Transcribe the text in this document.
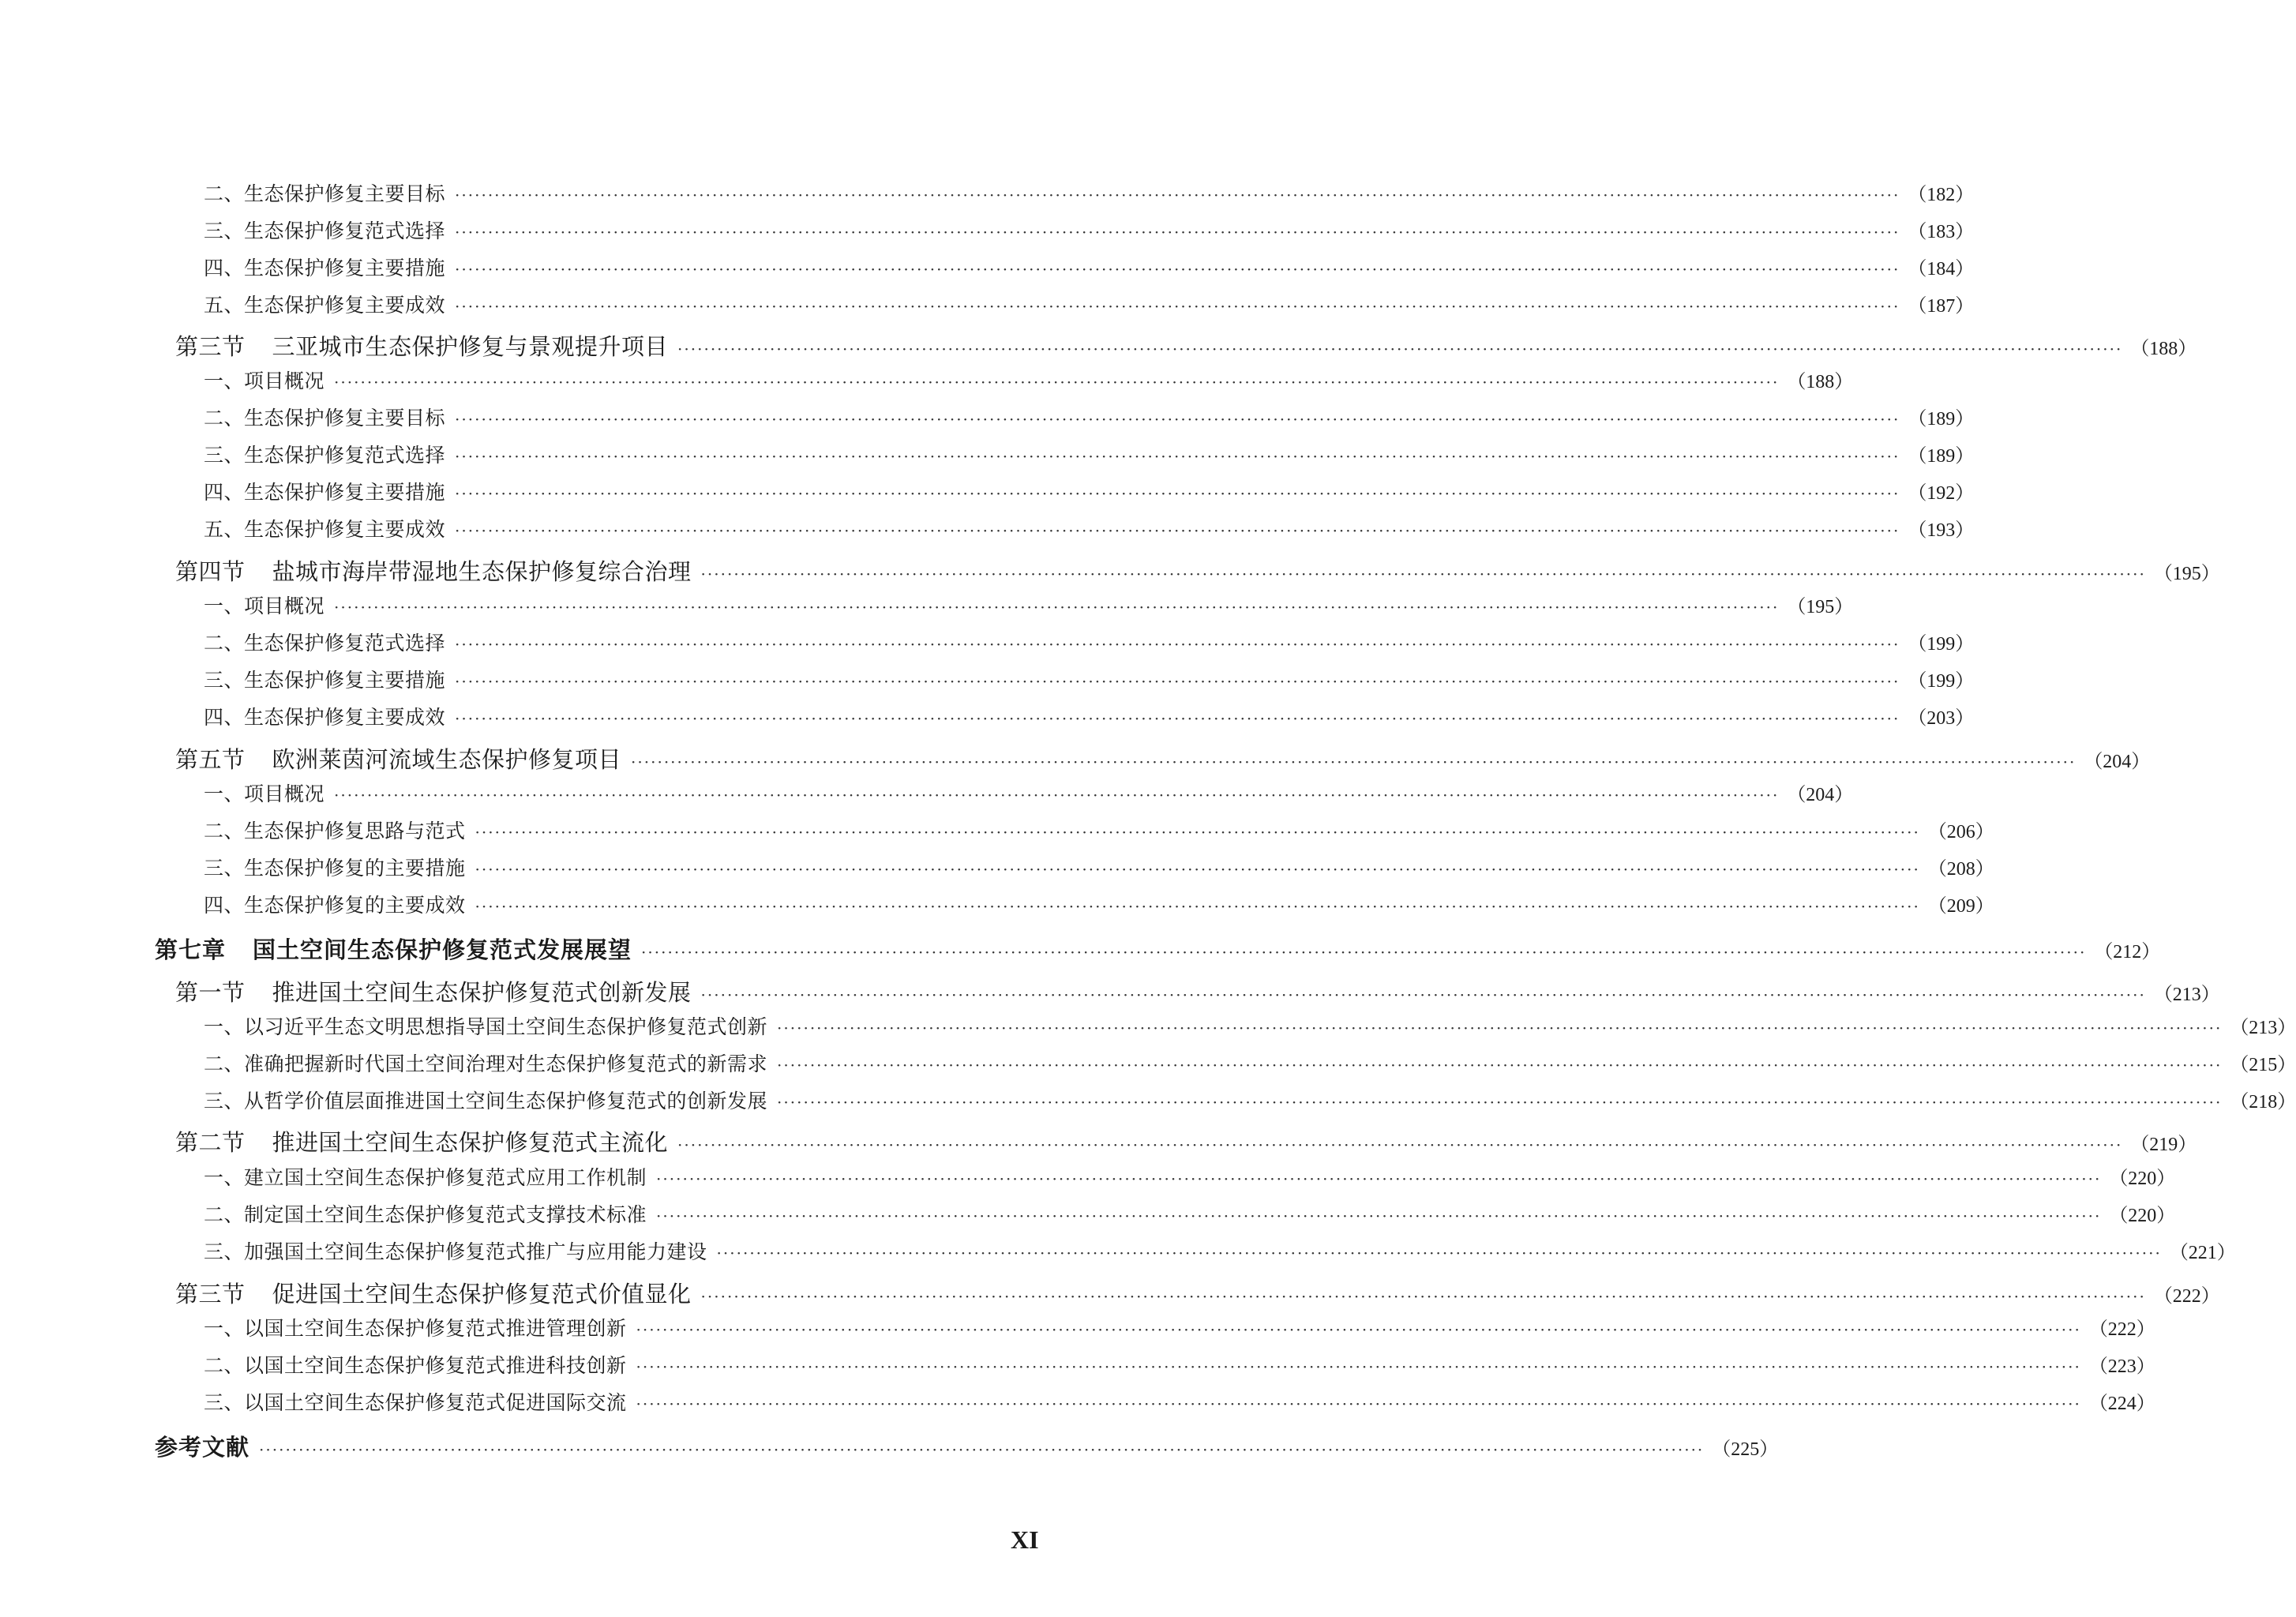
二、生态保护修复主要目标 ··························································································································································································································· （182）
三、生态保护修复范式选择 ··························································································································································································································· （183）
四、生态保护修复主要措施 ··························································································································································································································· （184）
五、生态保护修复主要成效 ··························································································································································································································· （187）
第三节 三亚城市生态保护修复与景观提升项目 ··························································································································································································································· （188）
一、项目概况 ··························································································································································································································· （188）
二、生态保护修复主要目标 ··························································································································································································································· （189）
三、生态保护修复范式选择 ··························································································································································································································· （189）
四、生态保护修复主要措施 ··························································································································································································································· （192）
五、生态保护修复主要成效 ··························································································································································································································· （193）
第四节 盐城市海岸带湿地生态保护修复综合治理 ··························································································································································································································· （195）
一、项目概况 ··························································································································································································································· （195）
二、生态保护修复范式选择 ··························································································································································································································· （199）
三、生态保护修复主要措施 ··························································································································································································································· （199）
四、生态保护修复主要成效 ··························································································································································································································· （203）
第五节 欧洲莱茵河流域生态保护修复项目 ··························································································································································································································· （204）
一、项目概况 ··························································································································································································································· （204）
二、生态保护修复思路与范式 ··························································································································································································································· （206）
三、生态保护修复的主要措施 ··························································································································································································································· （208）
四、生态保护修复的主要成效 ··························································································································································································································· （209）
第七章 国土空间生态保护修复范式发展展望 ··························································································································································································································· （212）
第一节 推进国土空间生态保护修复范式创新发展 ··························································································································································································································· （213）
一、以习近平生态文明思想指导国土空间生态保护修复范式创新 ··························································································································································································································· （213）
二、准确把握新时代国土空间治理对生态保护修复范式的新需求 ··························································································································································································································· （215）
三、从哲学价值层面推进国土空间生态保护修复范式的创新发展 ··························································································································································································································· （218）
第二节 推进国土空间生态保护修复范式主流化 ··························································································································································································································· （219）
一、建立国土空间生态保护修复范式应用工作机制 ··························································································································································································································· （220）
二、制定国土空间生态保护修复范式支撑技术标准 ··························································································································································································································· （220）
三、加强国土空间生态保护修复范式推广与应用能力建设 ··························································································································································································································· （221）
第三节 促进国土空间生态保护修复范式价值显化 ··························································································································································································································· （222）
一、以国土空间生态保护修复范式推进管理创新 ··························································································································································································································· （222）
二、以国土空间生态保护修复范式推进科技创新 ··························································································································································································································· （223）
三、以国土空间生态保护修复范式促进国际交流 ··························································································································································································································· （224）
参考文献 ··························································································································································································································· （225）
XI
